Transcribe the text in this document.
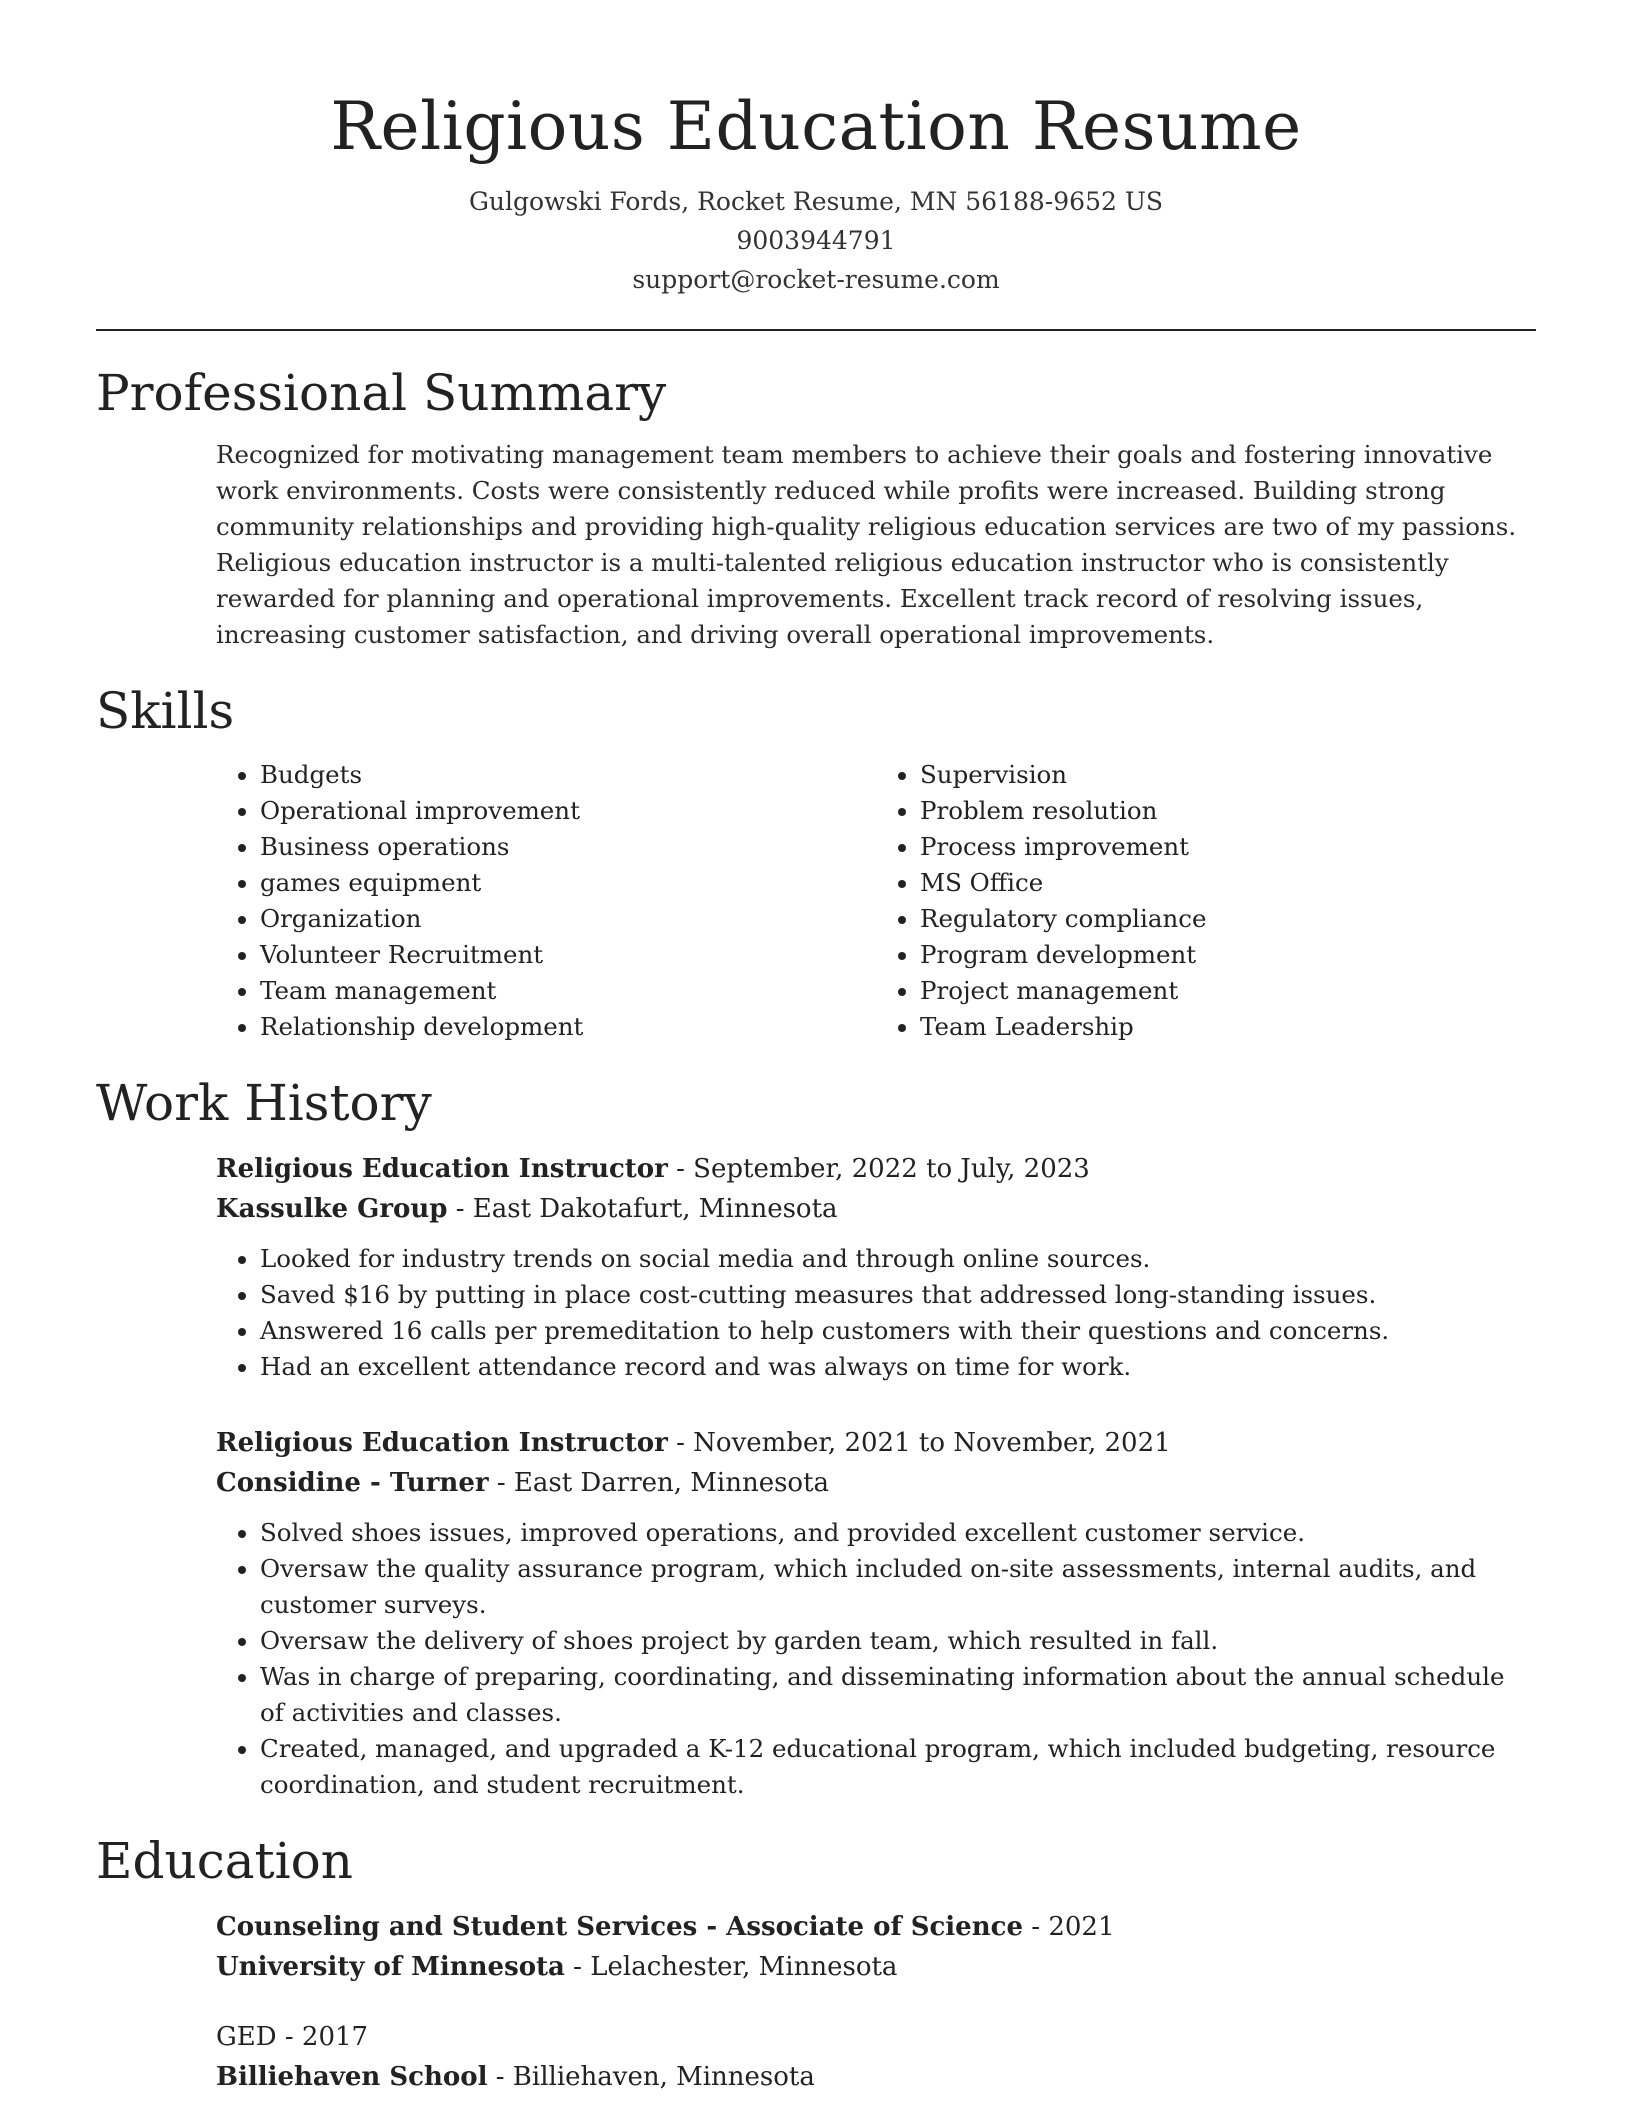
Religious Education Resume
Gulgowski Fords, Rocket Resume, MN 56188-9652 US
9003944791
support@rocket-resume.com
Professional Summary

Recognized for motivating management team members to achieve their goals and fostering innovative work environments. Costs were consistently reduced while profits were increased. Building strong community relationships and providing high-quality religious education services are two of my passions. Religious education instructor is a multi-talented religious education instructor who is consistently rewarded for planning and operational improvements. Excellent track record of resolving issues, increasing customer satisfaction, and driving overall operational improvements.

Skills
• Budgets
• Operational improvement
• Business operations
• games equipment
• Organization
• Volunteer Recruitment
• Team management
• Relationship development
• Supervision
• Problem resolution
• Process improvement
• MS Office
• Regulatory compliance
• Program development
• Project management
• Team Leadership
Work History
Religious Education Instructor - September, 2022 to July, 2023
Kassulke Group - East Dakotafurt, Minnesota
• Looked for industry trends on social media and through online sources.
• Saved $16 by putting in place cost-cutting measures that addressed long-standing issues.
• Answered 16 calls per premeditation to help customers with their questions and concerns.
• Had an excellent attendance record and was always on time for work.
Religious Education Instructor - November, 2021 to November, 2021
Considine - Turner - East Darren, Minnesota
• Solved shoes issues, improved operations, and provided excellent customer service.
• Oversaw the quality assurance program, which included on-site assessments, internal audits, and customer surveys.
• Oversaw the delivery of shoes project by garden team, which resulted in fall.
• Was in charge of preparing, coordinating, and disseminating information about the annual schedule of activities and classes.
• Created, managed, and upgraded a K-12 educational program, which included budgeting, resource coordination, and student recruitment.
Education
Counseling and Student Services - Associate of Science - 2021
University of Minnesota - Lelachester, Minnesota
GED - 2017
Billiehaven School - Billiehaven, Minnesota
